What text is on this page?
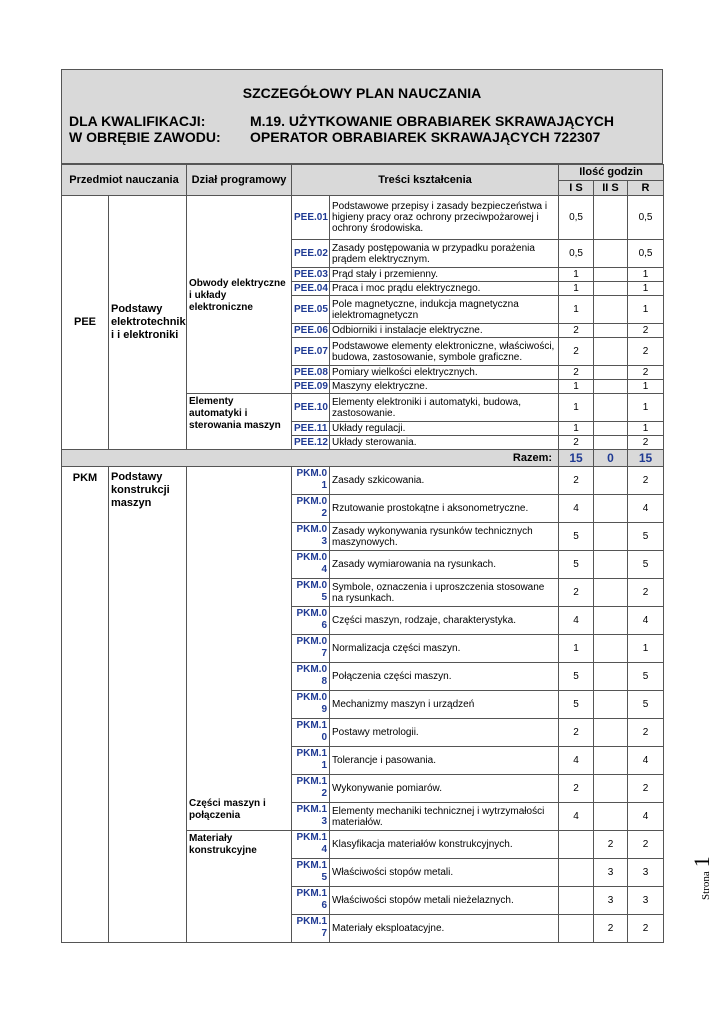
SZCZEGÓŁOWY PLAN NAUCZANIA
DLA KWALIFIKACJI:	M.19. UŻYTKOWANIE OBRABIAREK SKRAWAJĄCYCH
W OBRĘBIE ZAWODU: OPERATOR OBRABIAREK SKRAWAJĄCYCH 722307
Przedmiot nauczania		Dział programowy	Treści kształcenia		Ilość godzin		
					I S	II S	R
PEE	Podstawy elektrotechnik i i elektroniki	Obwody elektryczne i układy elektroniczne	PEE.01	Podstawowe przepisy i zasady bezpieczeństwa i higieny pracy oraz ochrony przeciwpożarowej i ochrony środowiska.	0,5		0,5
			PEE.02	Zasady postępowania w przypadku porażenia prądem elektrycznym.	0,5		0,5
			PEE.03	Prąd stały i przemienny.	1		1
			PEE.04	Praca i moc prądu elektrycznego.	1		1
			PEE.05	Pole magnetyczne, indukcja magnetyczna ielektromagnetyczn	1		1
			PEE.06	Odbiorniki i instalacje elektryczne.	2		2
			PEE.07	Podstawowe elementy elektroniczne, właściwości, budowa, zastosowanie, symbole graficzne.	2		2
			PEE.08	Pomiary wielkości elektrycznych.	2		2
			PEE.09	Maszyny elektryczne.	1		1
		Elementy automatyki i sterowania maszyn	PEE.10	Elementy elektroniki i automatyki, budowa, zastosowanie.	1		1
			PEE.11	Układy regulacji.	1		1
			PEE.12	Układy sterowania.	2		2
Razem:					15	0	15
PKM	Podstawy konstrukcji maszyn	Części maszyn i połączenia	PKM.01	Zasady szkicowania.	2		2
			PKM.02	Rzutowanie prostokątne i aksonometryczne.	4		4
			PKM.03	Zasady wykonywania rysunków technicznych maszynowych.	5		5
			PKM.04	Zasady wymiarowania na rysunkach.	5		5
			PKM.05	Symbole, oznaczenia i uproszczenia stosowane na rysunkach.	2		2
			PKM.06	Części maszyn, rodzaje, charakterystyka.	4		4
			PKM.07	Normalizacja części maszyn.	1		1
			PKM.08	Połączenia części maszyn.	5		5
			PKM.09	Mechanizmy maszyn i urządzeń	5		5
			PKM.10	Postawy metrologii.	2		2
			PKM.11	Tolerancje i pasowania.	4		4
			PKM.12	Wykonywanie pomiarów.	2		2
			PKM.13	Elementy mechaniki technicznej i wytrzymałości materiałów.	4		4
		Materiały konstrukcyjne	PKM.14	Klasyfikacja materiałów konstrukcyjnych.		2	2
			PKM.15	Właściwości stopów metali.		3	3
			PKM.16	Właściwości stopów metali nieżelaznych.		3	3
			PKM.17	Materiały eksploatacyjne.		2	2
Strona 1
